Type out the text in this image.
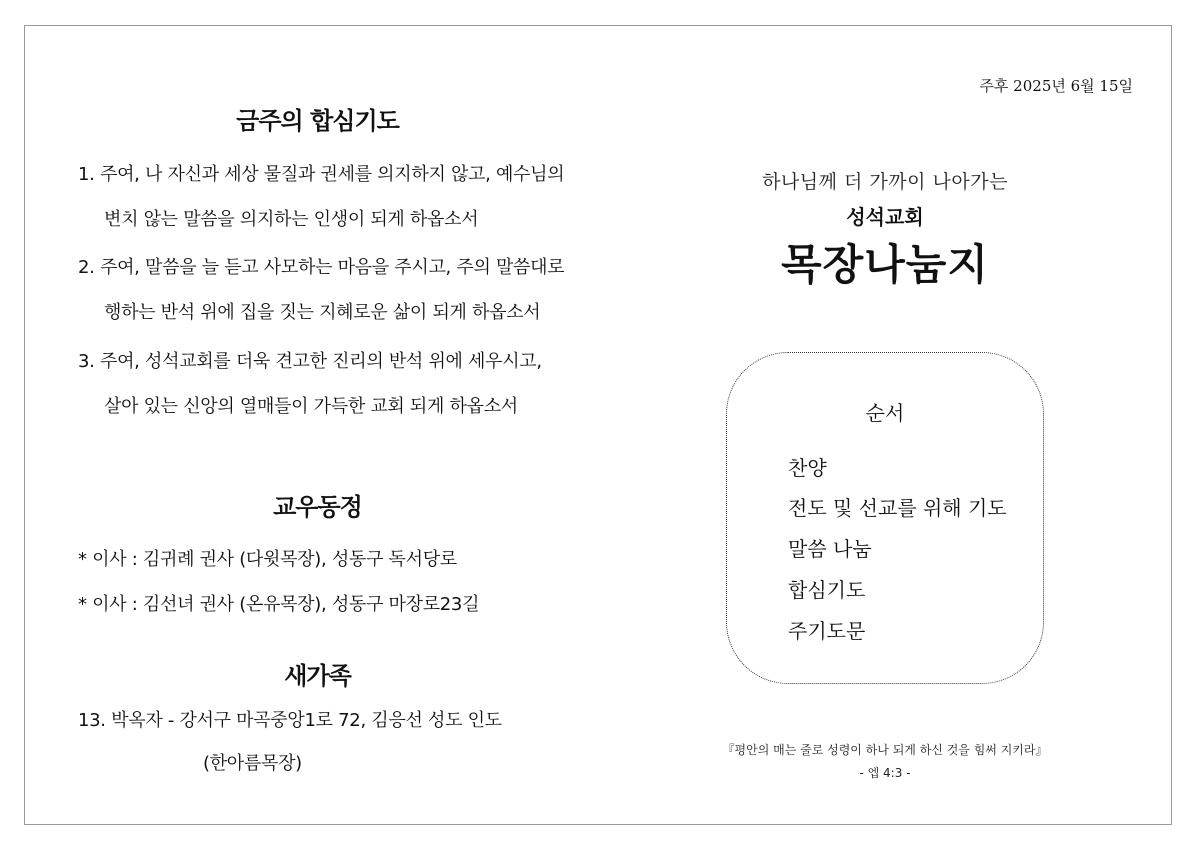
금주의 합심기도
1. 주여, 나 자신과 세상 물질과 권세를 의지하지 않고, 예수님의
변치 않는 말씀을 의지하는 인생이 되게 하옵소서
2. 주여, 말씀을 늘 듣고 사모하는 마음을 주시고, 주의 말씀대로
행하는 반석 위에 집을 짓는 지혜로운 삶이 되게 하옵소서
3. 주여, 성석교회를 더욱 견고한 진리의 반석 위에 세우시고,
살아 있는 신앙의 열매들이 가득한 교회 되게 하옵소서
교우동정
* 이사 : 김귀례 권사 (다윗목장), 성동구 독서당로
* 이사 : 김선녀 권사 (온유목장), 성동구 마장로23길
새가족
13. 박옥자 - 강서구 마곡중앙1로 72, 김응선 성도 인도
(한아름목장)
주후 2025년 6월 15일
하나님께 더 가까이 나아가는
성석교회
목장나눔지
순서
찬양
전도 및 선교를 위해 기도
말씀 나눔
합심기도
주기도문
『평안의 매는 줄로 성령이 하나 되게 하신 것을 힘써 지키라』
- 엡 4:3 -
